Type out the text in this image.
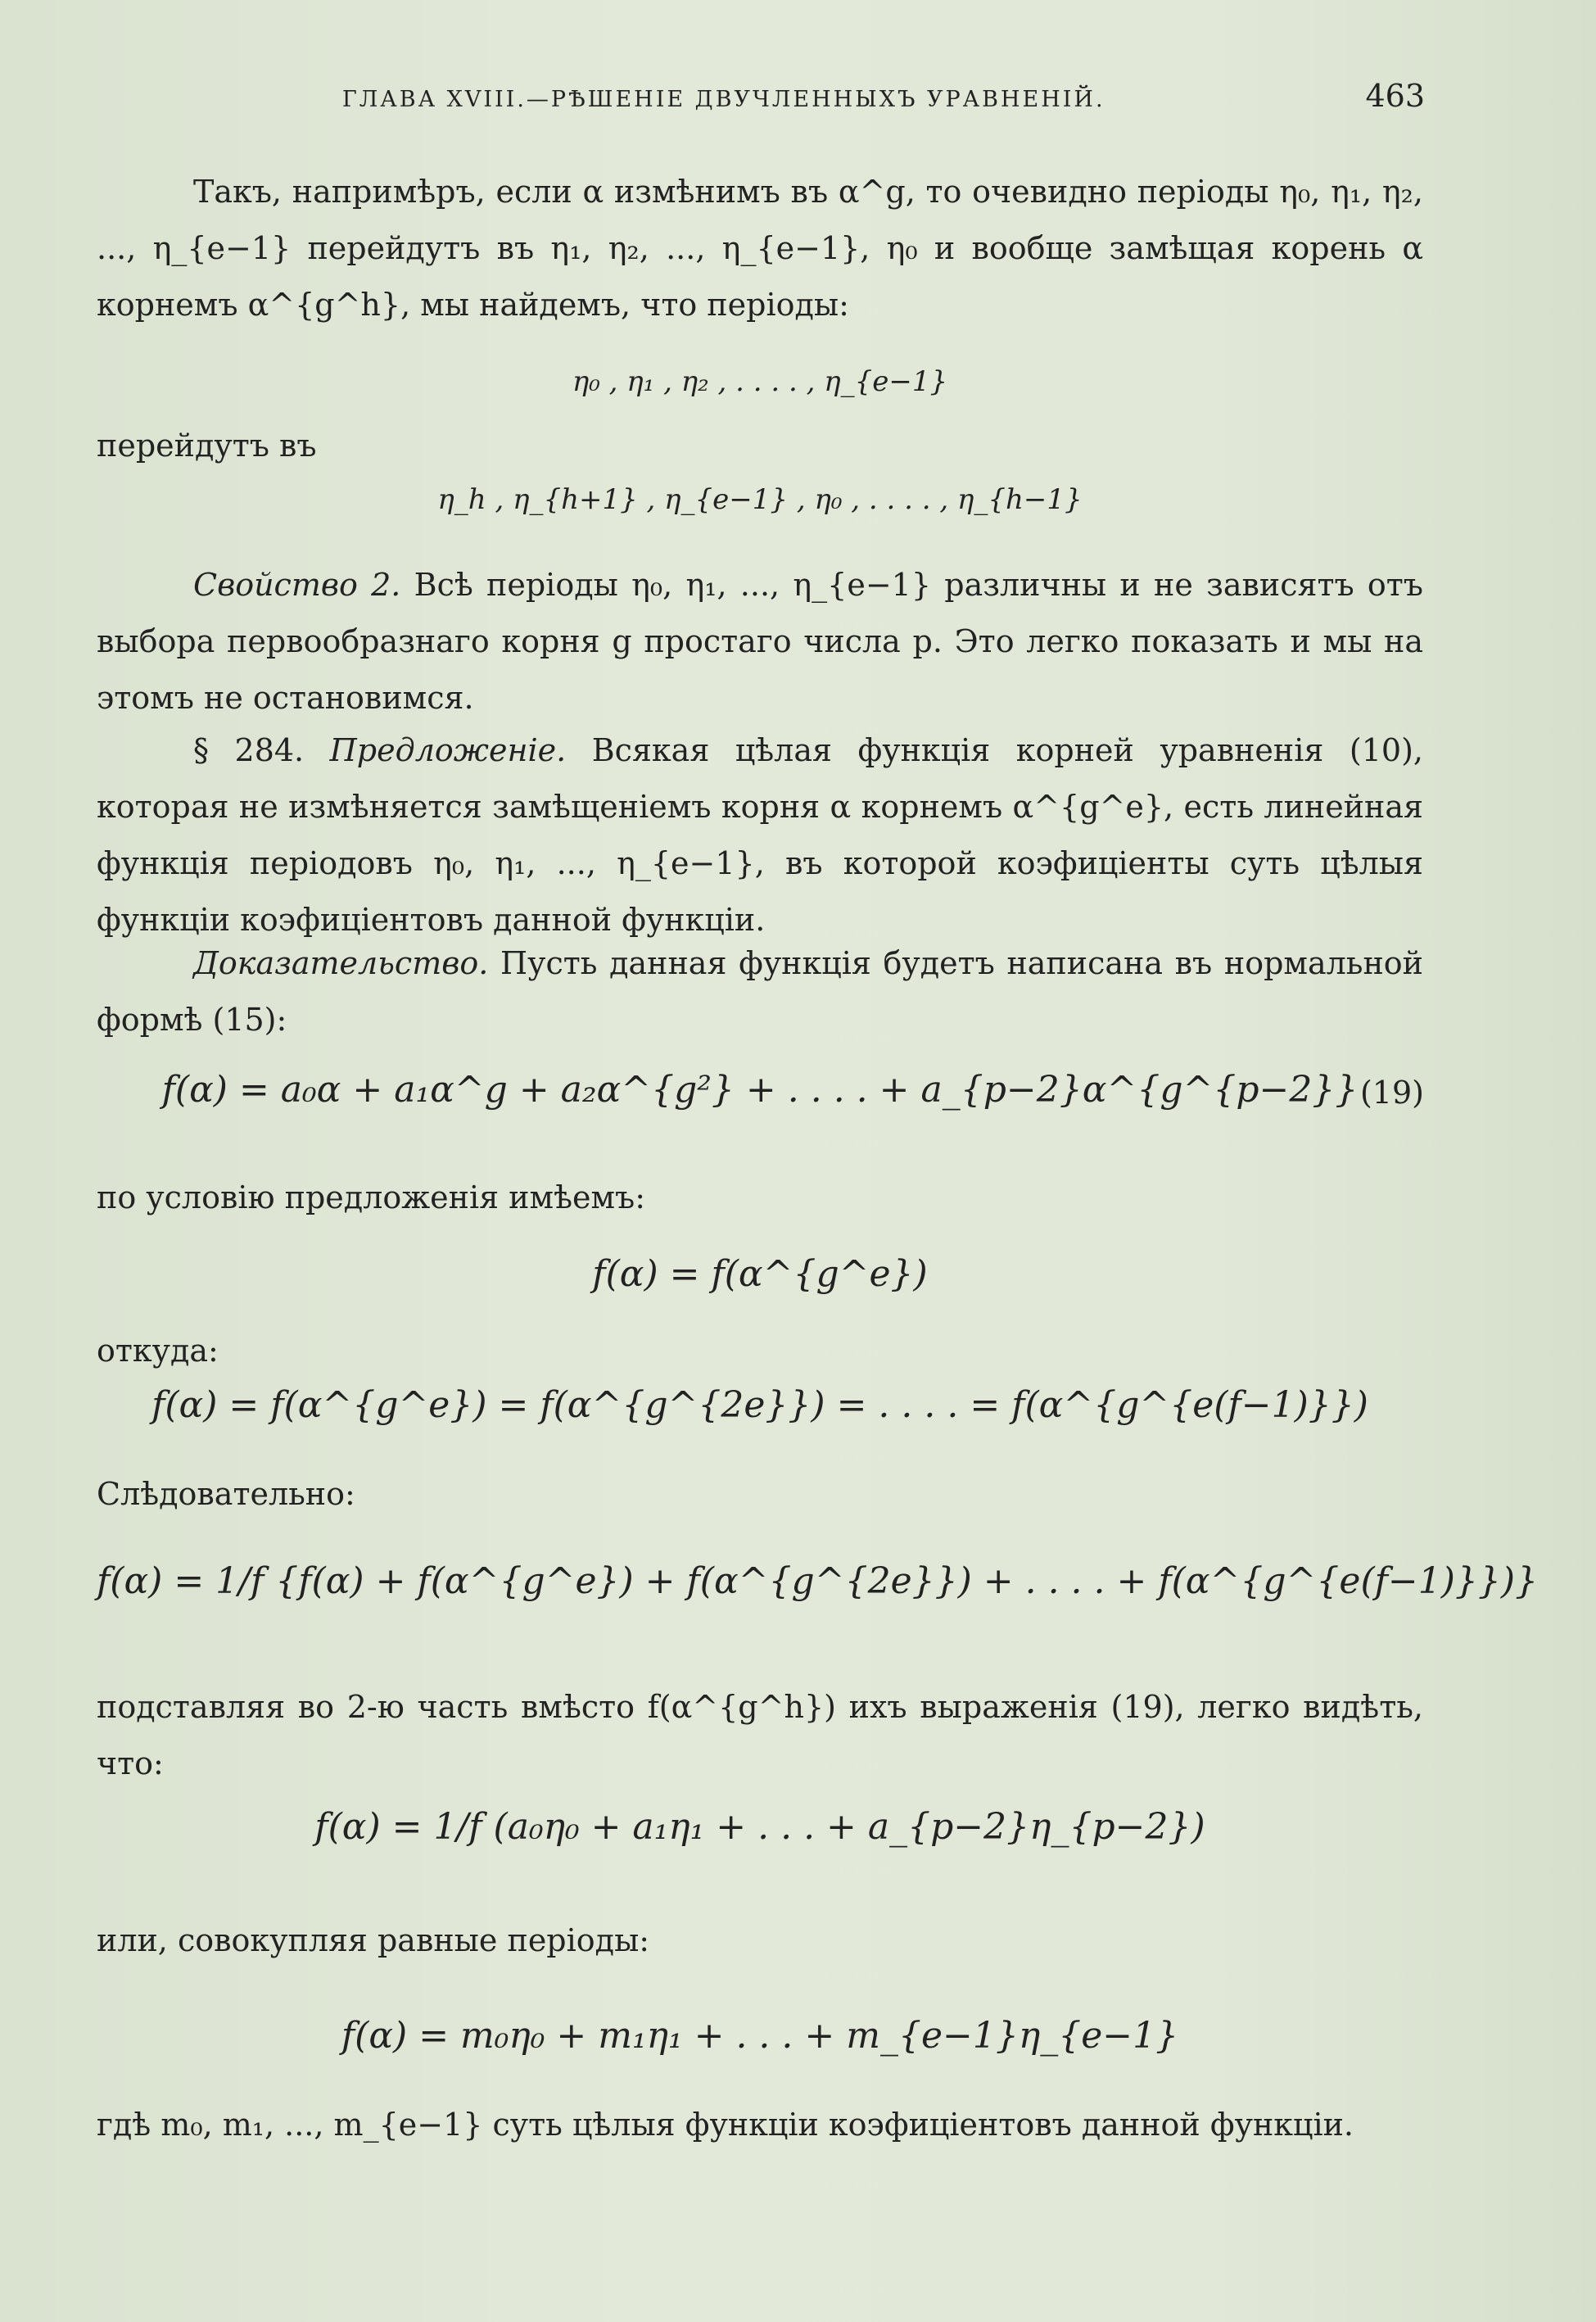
ГЛАВА XVIII.—РѢШЕНІЕ ДВУЧЛЕННЫХЪ УРАВНЕНІЙ.	463

Такъ, напримѣръ, если α измѣнимъ въ α^g, то очевидно періоды η₀, η₁, η₂, ..., η_{e−1} перейдутъ въ η₁, η₂, ..., η_{e−1}, η₀ и вообще замѣщая корень α корнемъ α^{g^h}, мы найдемъ, что періоды:

η₀ , η₁ , η₂ , . . . . , η_{e−1}

перейдутъ въ

η_h , η_{h+1} , η_{e−1} , η₀ , . . . . , η_{h−1}

Свойство 2. Всѣ періоды η₀, η₁, ..., η_{e−1} различны и не зависятъ отъ выбора первообразнаго корня g простаго числа p. Это легко показать и мы на этомъ не остановимся.

§ 284. Предложеніе. Всякая цѣлая функція корней уравненія (10), которая не измѣняется замѣщеніемъ корня α корнемъ α^{g^e}, есть линейная функція періодовъ η₀, η₁, ..., η_{e−1}, въ которой коэфиціенты суть цѣлыя функціи коэфиціентовъ данной функціи.

Доказательство. Пусть данная функція будетъ написана въ нормальной формѣ (15):

f(α) = a₀α + a₁α^g + a₂α^{g²} + . . . . + a_{p−2}α^{g^{p−2}} (19)

по условію предложенія имѣемъ:

f(α) = f(α^{g^e})

откуда:

f(α) = f(α^{g^e}) = f(α^{g^{2e}}) = . . . . = f(α^{g^{e(f−1)}})

Слѣдовательно:

f(α) = 1/f {f(α) + f(α^{g^e}) + f(α^{g^{2e}}) + . . . . + f(α^{g^{e(f−1)}})}

подставляя во 2-ю часть вмѣсто f(α^{g^h}) ихъ выраженія (19), легко видѣть, что:

f(α) = 1/f (a₀η₀ + a₁η₁ + . . . + a_{p−2}η_{p−2})

или, совокупляя равные періоды:

f(α) = m₀η₀ + m₁η₁ + . . . + m_{e−1}η_{e−1}

гдѣ m₀, m₁, ..., m_{e−1} суть цѣлыя функціи коэфиціентовъ данной функціи.
